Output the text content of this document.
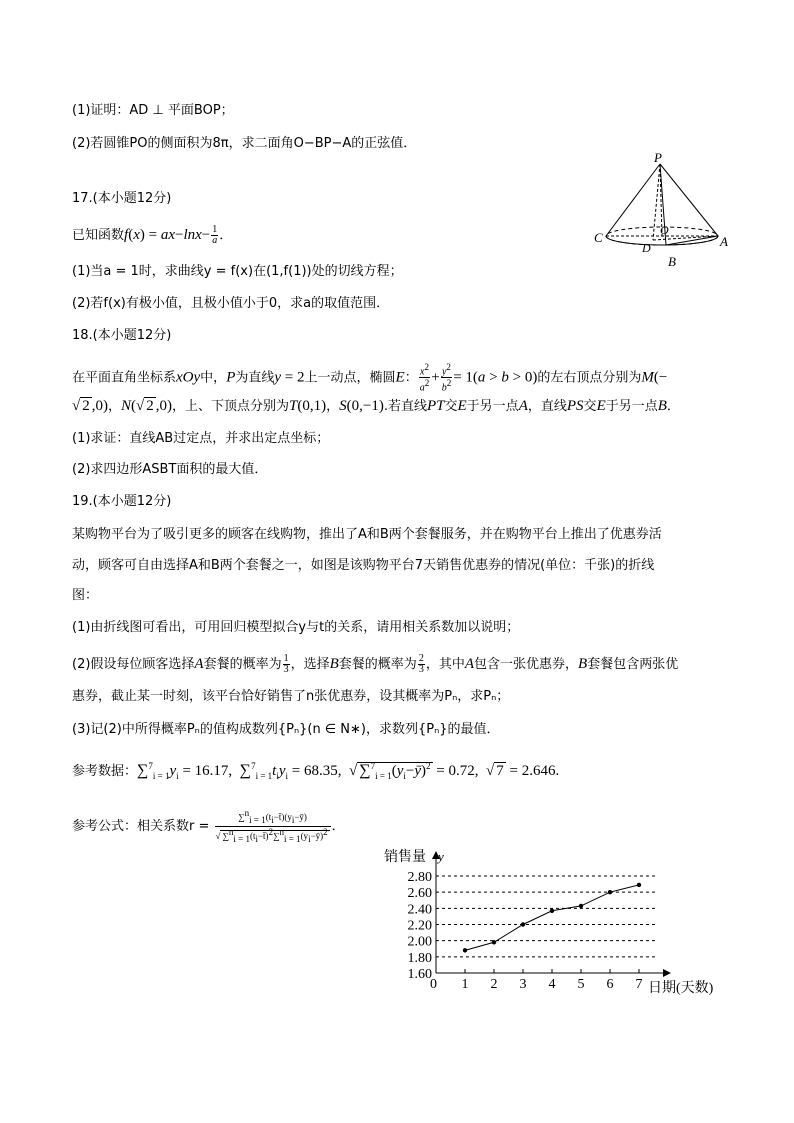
(1)证明：AD ⊥ 平面BOP；
(2)若圆锥PO的侧面积为8π，求二面角O−BP−A的正弦值．
P
C	O
D
B
A
17.(本小题12分)
已知函数$f(x) = ax-\ln x- \frac{1}{a}$ ．
(1)当a = 1时，求曲线y = f(x)在(1,f(1))处的切线方程；
(2)若f(x)有极小值，且极小值小于0，求a的取值范围．
18.(本小题12分)
在平面直角坐标系xOy中，P为直线y = 2上一动点，椭圆E： $\frac{x^2}{a^2} + \frac{y^2}{b^2} = 1(a > b > 0)$的左右顶点分别为M(−
√ 2 ,0)，N(√ 2 ,0)，上、下顶点分别为T(0,1)，S(0,−1).若直线PT交E于另一点A，直线PS交E于另一点B．
(1)求证：直线AB过定点，并求出定点坐标；
(2)求四边形ASBT面积的最大值．
19.(本小题12分)
某购物平台为了吸引更多的顾客在线购物，推出了A和B两个套餐服务，并在购物平台上推出了优惠券活
动，顾客可自由选择A和B两个套餐之一，如图是该购物平台7天销售优惠券的情况(单位：千张)的折线
图：
(1)由折线图可看出，可用回归模型拟合y与t的关系，请用相关系数加以说明；
(2)假设每位顾客选择A套餐的概率为 $\frac{1}{3}$ ，选择B套餐的概率为 $\frac{2}{3}$ ，其中A包含一张优惠券，B套餐包含两张优
惠券，截止某一时刻，该平台恰好销售了n张优惠券，设其概率为Pₙ，求Pₙ；
(3)记(2)中所得概率Pₙ的值构成数列{Pₙ}(n ∈ N∗)，求数列{Pₙ}的最值．
参考数据：$\sum^7_{i = 1}y_i = 16.17$,  $\sum^7_{i = 1}t_iy_i = 68.35$,  √ $\sum^7_{i = 1}(y_i-ȳ)^2 = 0.72$,  √ 7 = 2.646.
参考公式：相关系数$r = \frac{\sum^n_{i = 1}(t_i-t̄)(y_i-ȳ)}{√ \sum^n_{i = 1}(t_i-t̄)^2\sum^n_{i = 1}(y_i-ȳ)^2}$ ．
1.60
1.80
2.00
2.20
2.40
2.60
2.80
1 2 3 4 5 6 7
销售量 y
日期(天数)
0
